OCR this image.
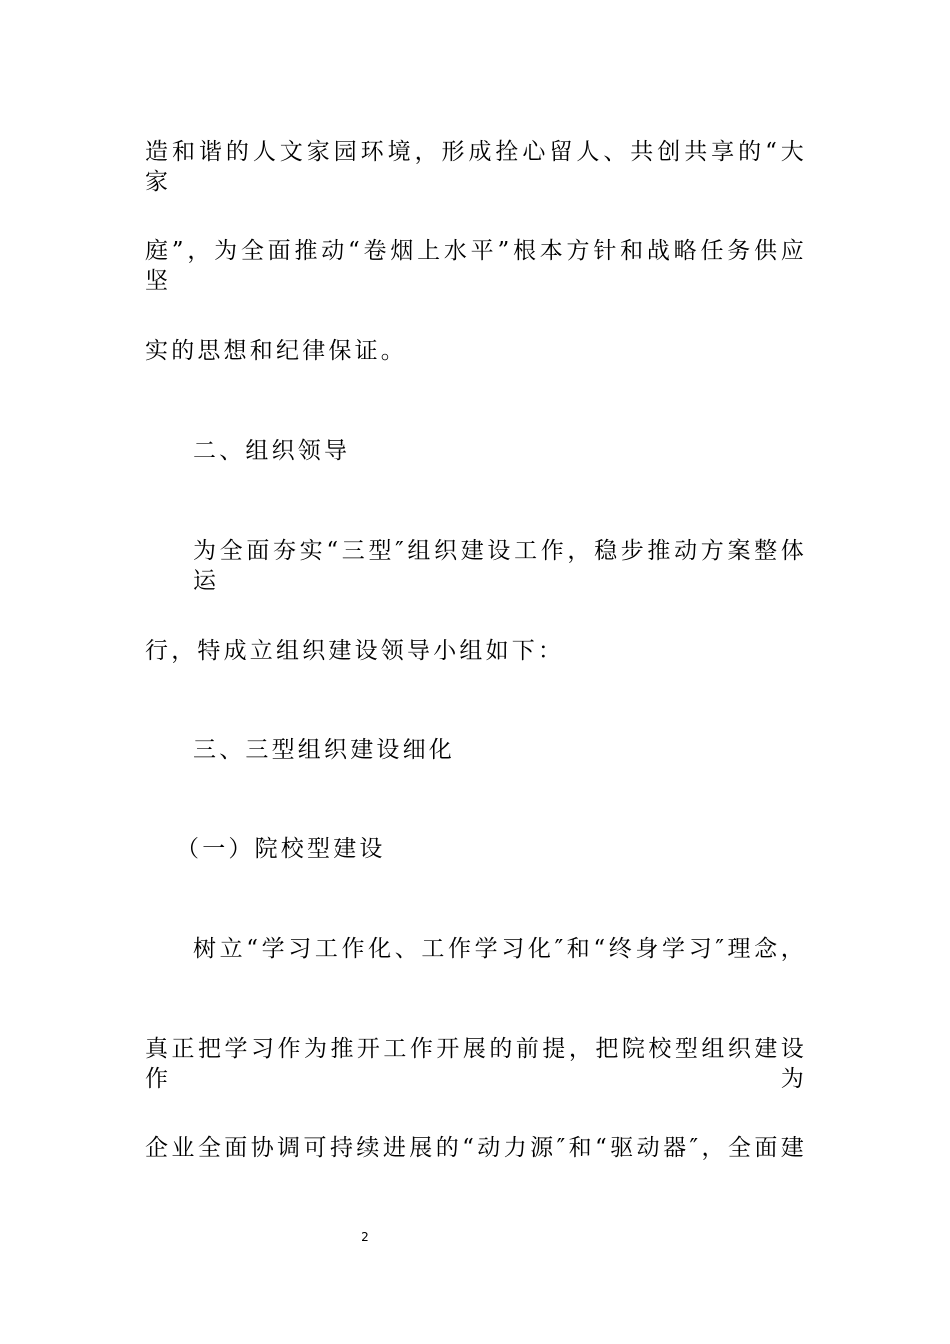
造和谐的人文家园环境，形成拴心留人、共创共享的“大家
庭”，为全面推动“卷烟上水平”根本方针和战略任务供应坚
实的思想和纪律保证。
二、组织领导
为全面夯实“三型″组织建设工作，稳步推动方案整体运
行，特成立组织建设领导小组如下：
三、三型组织建设细化
（一）院校型建设
树立“学习工作化、工作学习化″和“终身学习″理念，
真正把学习作为推开工作开展的前提，把院校型组织建设作为
企业全面协调可持续进展的“动力源″和“驱动器″，全面建
2
